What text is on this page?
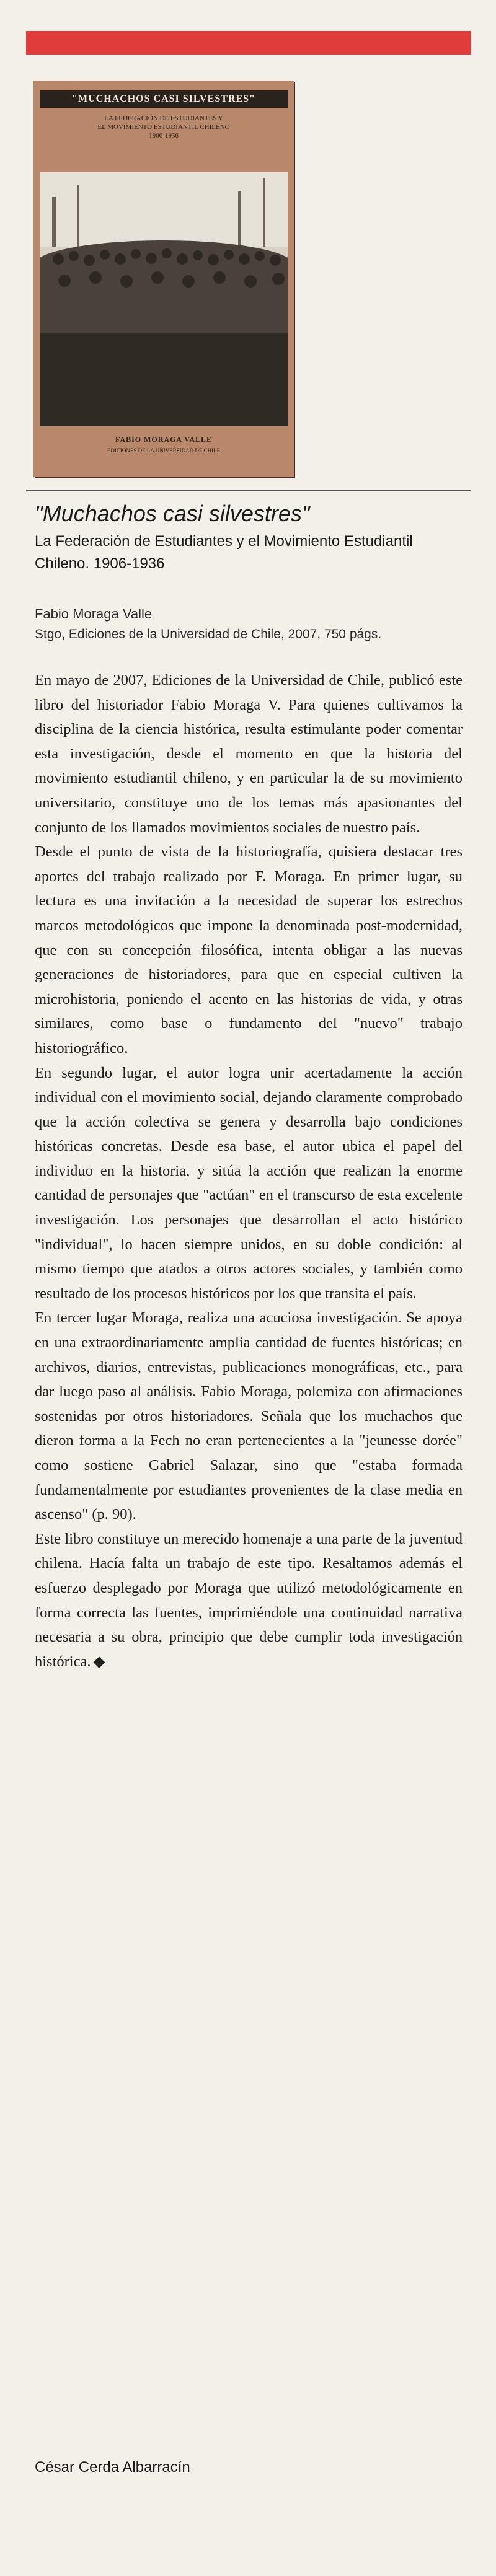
"MUCHACHOS CASI SILVESTRES"
LA FEDERACIÓN DE ESTUDIANTES Y
EL MOVIMIENTO ESTUDIANTIL CHILENO
1906-1936
FABIO MORAGA VALLE
EDICIONES DE LA UNIVERSIDAD DE CHILE
"Muchachos casi silvestres"
La Federación de Estudiantes y el Movimiento Estudiantil Chileno. 1906-1936
Fabio Moraga Valle
Stgo, Ediciones de la Universidad de Chile, 2007, 750 págs.

En mayo de 2007, Ediciones de la Universidad de Chile, publicó este libro del historiador Fabio Moraga V. Para quienes cultivamos la disciplina de la ciencia histórica, resulta estimulante poder comentar esta investigación, desde el momento en que la historia del movimiento estudiantil chileno, y en particular la de su movimiento universitario, constituye uno de los temas más apasionantes del conjunto de los llamados movimientos sociales de nuestro país.

Desde el punto de vista de la historiografía, quisiera destacar tres aportes del trabajo realizado por F. Moraga. En primer lugar, su lectura es una invitación a la necesidad de superar los estrechos marcos metodológicos que impone la denominada post-modernidad, que con su concepción filosófica, intenta obligar a las nuevas generaciones de historiadores, para que en especial cultiven la microhistoria, poniendo el acento en las historias de vida, y otras similares, como base o fundamento del "nuevo" trabajo historiográfico.

En segundo lugar, el autor logra unir acertadamente la acción individual con el movimiento social, dejando claramente comprobado que la acción colectiva se genera y desarrolla bajo condiciones históricas concretas. Desde esa base, el autor ubica el papel del individuo en la historia, y sitúa la acción que realizan la enorme cantidad de personajes que "actúan" en el transcurso de esta excelente investigación. Los personajes que desarrollan el acto histórico "individual", lo hacen siempre unidos, en su doble condición: al mismo tiempo que atados a otros actores sociales, y también como resultado de los procesos históricos por los que transita el país.

En tercer lugar Moraga, realiza una acuciosa investigación. Se apoya en una extraordinariamente amplia cantidad de fuentes históricas; en archivos, diarios, entrevistas, publicaciones monográficas, etc., para dar luego paso al análisis. Fabio Moraga, polemiza con afirmaciones sostenidas por otros historiadores. Señala que los muchachos que dieron forma a la Fech no eran pertenecientes a la "jeunesse dorée" como sostiene Gabriel Salazar, sino que "estaba formada fundamentalmente por estudiantes provenientes de la clase media en ascenso" (p. 90).

Este libro constituye un merecido homenaje a una parte de la juventud chilena. Hacía falta un trabajo de este tipo. Resaltamos además el esfuerzo desplegado por Moraga que utilizó metodológicamente en forma correcta las fuentes, imprimiéndole una continuidad narrativa necesaria a su obra, principio que debe cumplir toda investigación histórica. ◆

César Cerda Albarracín
